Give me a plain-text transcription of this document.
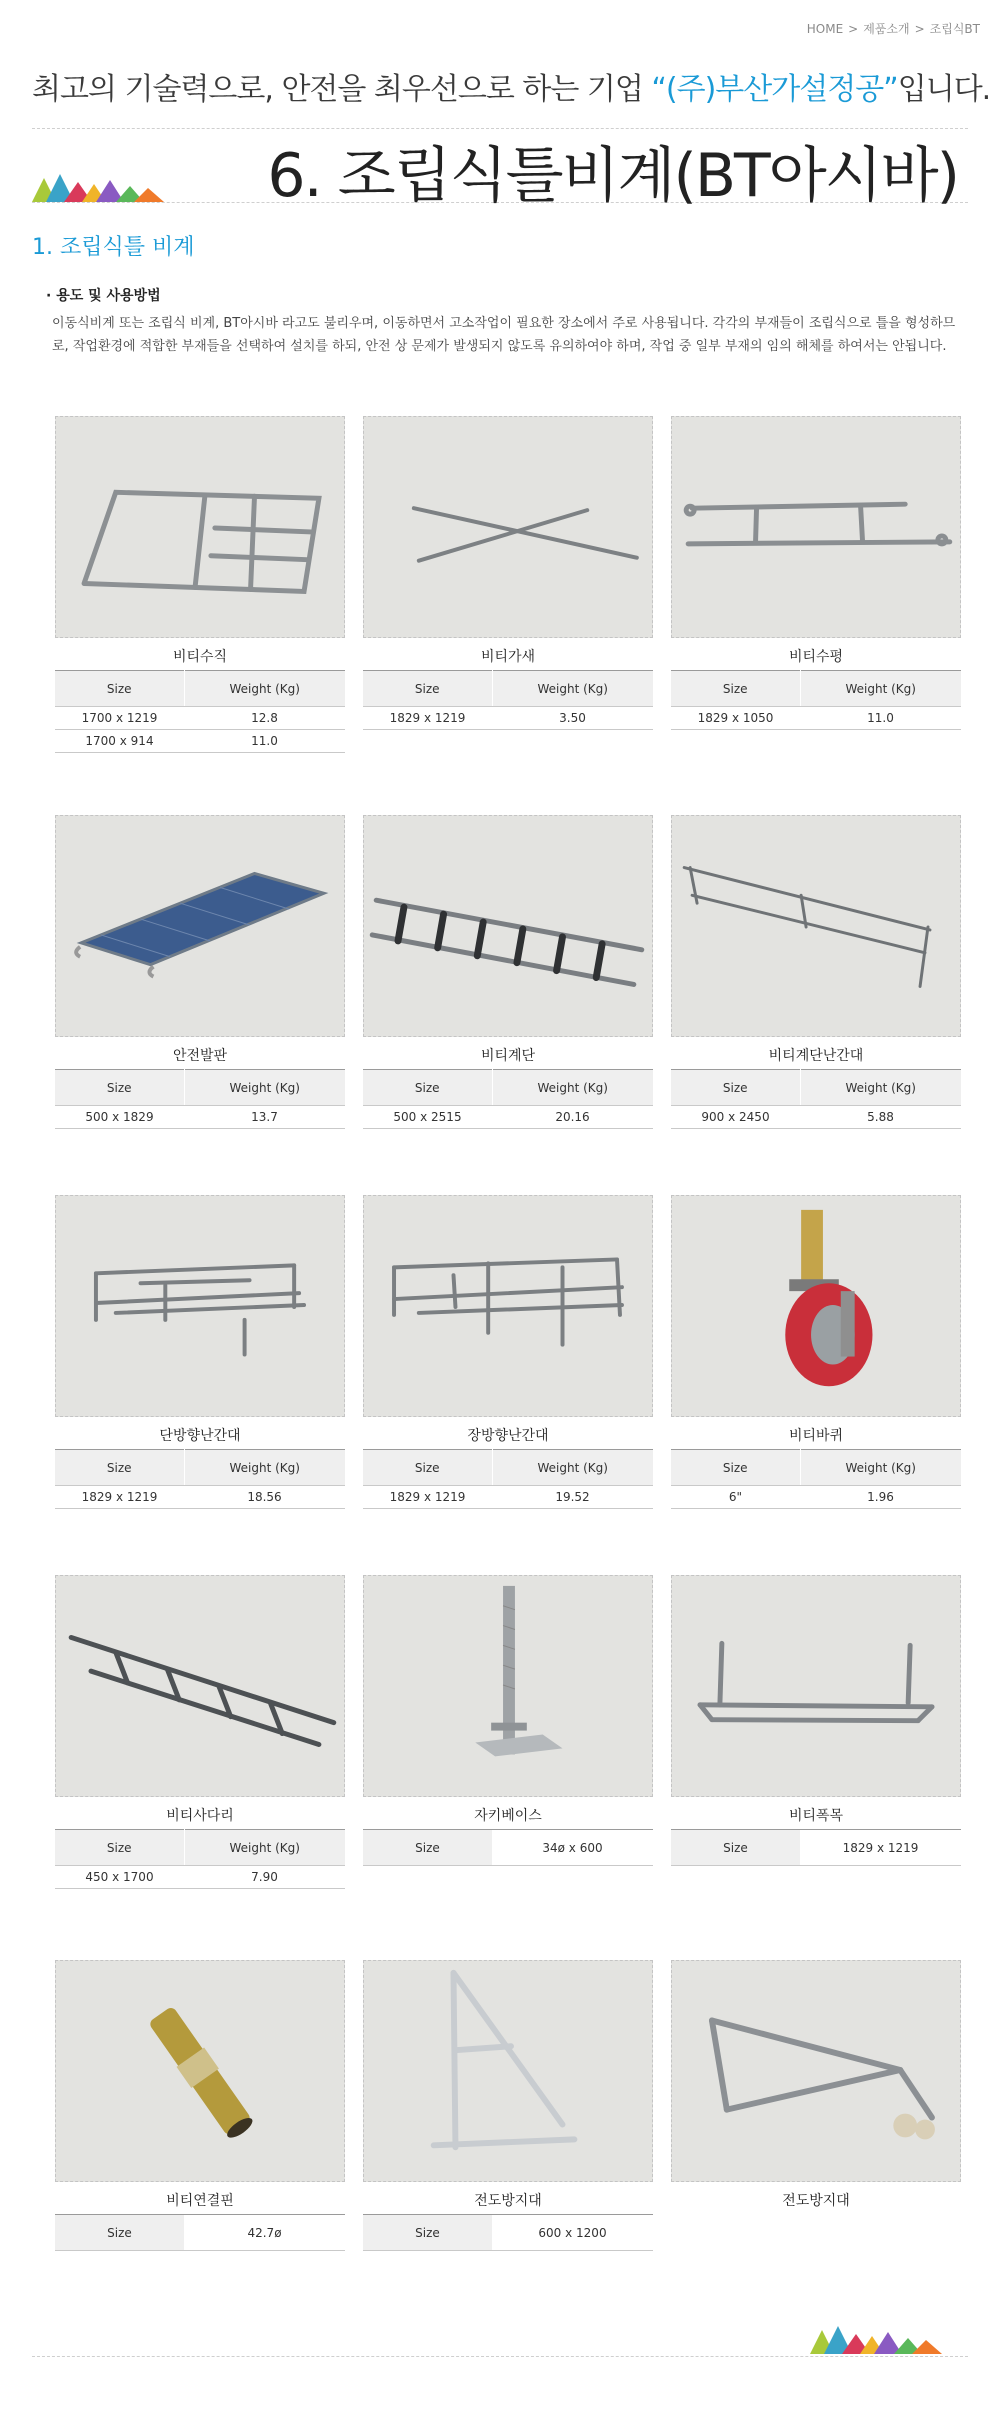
HOME > 제품소개 > 조립식BT
최고의 기술력으로, 안전을 최우선으로 하는 기업 “(주)부산가설정공”입니다.
6. 조립식틀비계(BT아시바)
1. 조립식틀 비계
· 용도 및 사용방법
이동식비계 또는 조립식 비계, BT아시바 라고도 불리우며, 이동하면서 고소작업이 필요한 장소에서 주로 사용됩니다. 각각의 부재들이 조립식으로 틀을 형성하므로, 작업환경에 적합한 부재들을 선택하여 설치를 하되, 안전 상 문제가 발생되지 않도록 유의하여야 하며, 작업 중 일부 부재의 임의 해체를 하여서는 안됩니다.
비티수직
Size	Weight (Kg)
1700 x 1219	12.8
1700 x 914	11.0
비티가새
Size	Weight (Kg)
1829 x 1219	3.50
비티수평
Size	Weight (Kg)
1829 x 1050	11.0
안전발판
Size	Weight (Kg)
500 x 1829	13.7
비티계단
Size	Weight (Kg)
500 x 2515	20.16
비티계단난간대
Size	Weight (Kg)
900 x 2450	5.88
단방향난간대
Size	Weight (Kg)
1829 x 1219	18.56
장방향난간대
Size	Weight (Kg)
1829 x 1219	19.52
비티바퀴
Size	Weight (Kg)
6"	1.96
비티사다리
Size	Weight (Kg)
450 x 1700	7.90
자키베이스
Size	34ø x 600
비티폭목
Size	1829 x 1219
비티연결핀
Size	42.7ø
전도방지대
Size	600 x 1200
전도방지대
